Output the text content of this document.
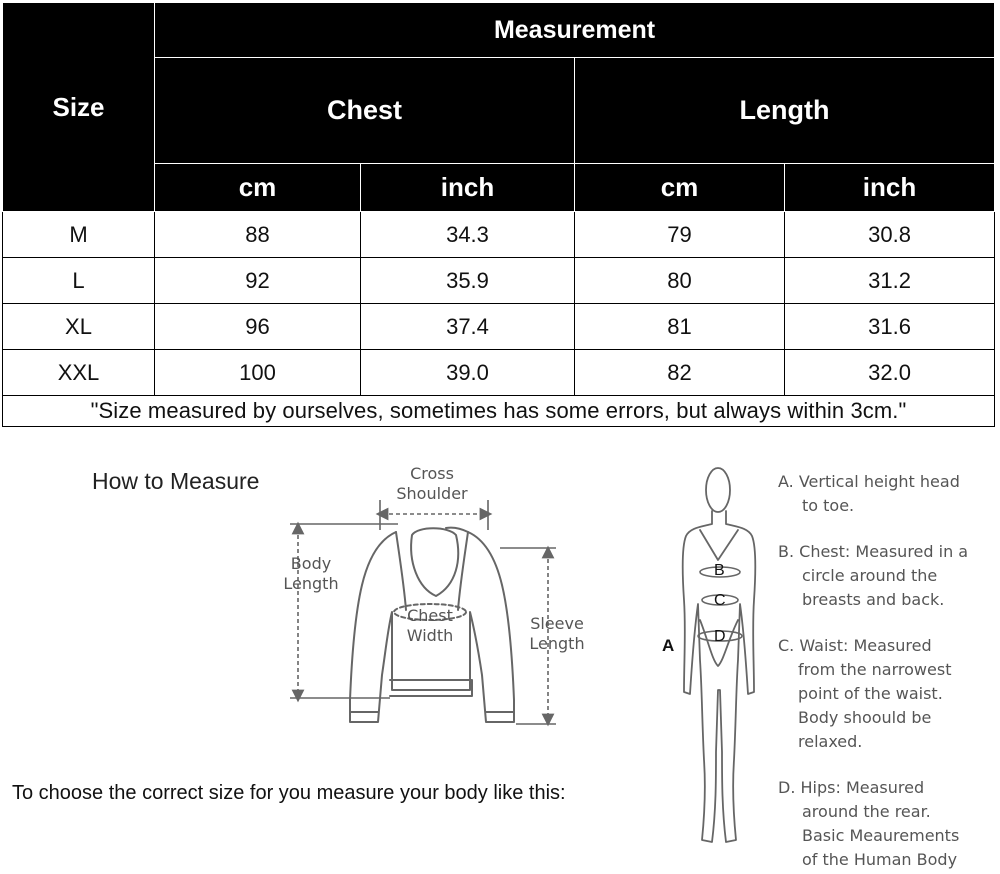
Size	Measurement			
	Chest		Length	
	cm	inch	cm	inch
M	88	34.3	79	30.8
L	92	35.9	80	31.2
XL	96	37.4	81	31.6
XXL	100	39.0	82	32.0
"Size measured by ourselves, sometimes has some errors, but always within 3cm."				
How to Measure	Cross
Shoulder
Body
Length
Chest
Width
Sleeve
Length	A
B
C
D
A. Vertical height head
to toe.
B. Chest: Measured in a
circle around the
breasts and back.
C. Waist: Measured
from the narrowest
point of the waist.
Body shoould be
relaxed.
D. Hips: Measured
around the rear.
Basic Meaurements
of the Human Body
To choose the correct size for you measure your body like this:
